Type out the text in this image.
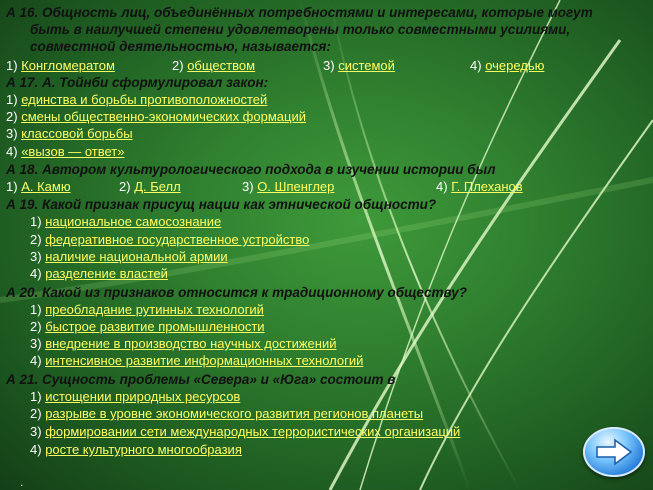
А 16. Общность лиц, объединённых потребностями и интересами, которые могут
быть в наилучшей степени удовлетворены только совместными усилиями,
совместной деятельностью, называется:
1) Конгломератом	2) обществом	3) системой	4) очередью
А 17. А. Тойнби сформулировал закон:
1) единства и борьбы противоположностей
2) смены общественно-экономических формаций
3) классовой борьбы
4) «вызов — ответ»
А 18. Автором культурологического подхода в изучении истории был
1) А. Камю	2) Д. Белл	3) О. Шпенглер	4) Г. Плеханов
А 19. Какой признак присущ нации как этнической общности?
1) национальное самосознание
2) федеративное государственное устройство
3) наличие национальной армии
4) разделение властей
А 20. Какой из признаков относится к традиционному обществу?
1) преобладание рутинных технологий
2) быстрое развитие промышленности
3) внедрение в производство научных достижений
4) интенсивное развитие информационных технологий
А 21. Сущность проблемы «Севера» и «Юга» состоит в
1) истощении природных ресурсов
2) разрыве в уровне экономического развития регионов планеты
3) формировании сети международных террористических организаций
4) росте культурного многообразия
.
